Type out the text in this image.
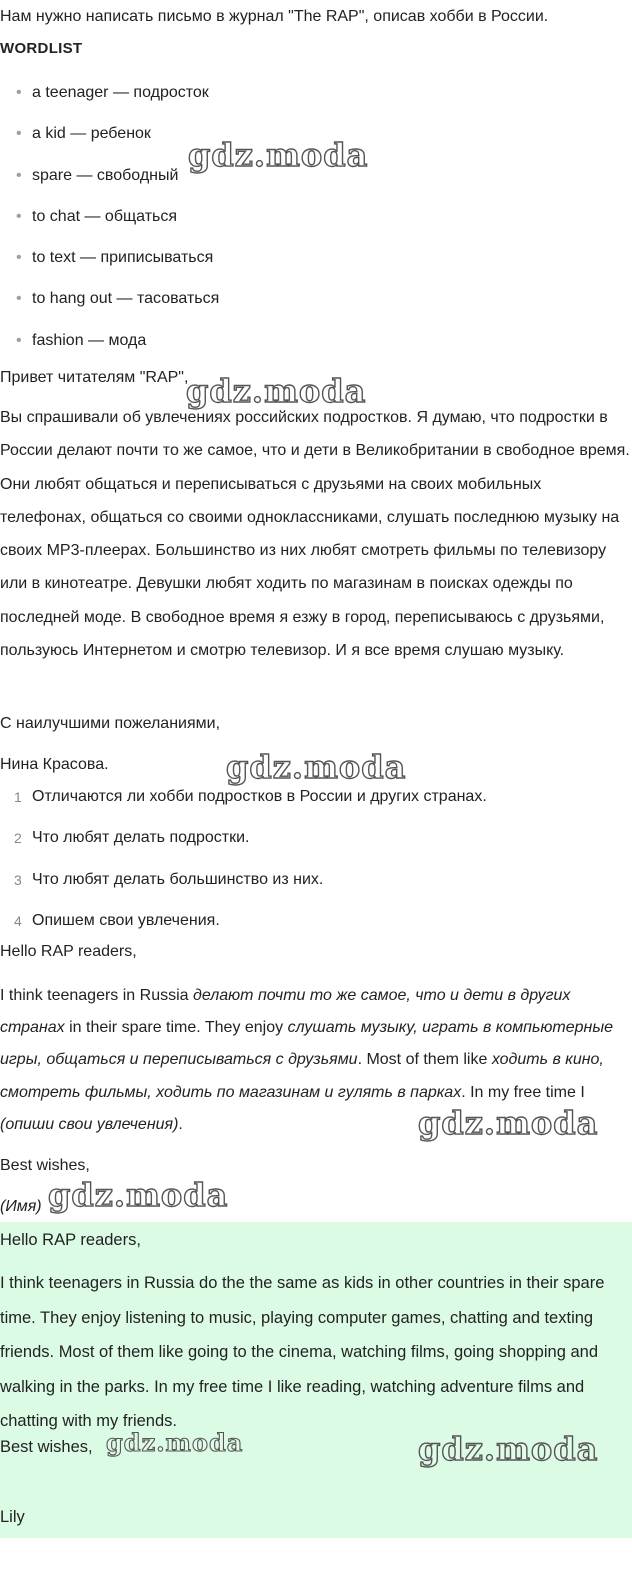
Нам нужно написать письмо в журнал "The RAP", описав хобби в России.

WORDLIST

• a teenager — подросток
• a kid — ребенок
• spare — свободный
• to chat — общаться
• to text — приписываться
• to hang out — тасоваться
• fashion — мода

Привет читателям "RAP",

Вы спрашивали об увлечениях российских подростков. Я думаю, что подростки в России делают почти то же самое, что и дети в Великобритании в свободное время. Они любят общаться и переписываться с друзьями на своих мобильных телефонах, общаться со своими одноклассниками, слушать последнюю музыку на своих MP3-плеерах. Большинство из них любят смотреть фильмы по телевизору или в кинотеатре. Девушки любят ходить по магазинам в поисках одежды по последней моде. В свободное время я езжу в город, переписываюсь с друзьями, пользуюсь Интернетом и смотрю телевизор. И я все время слушаю музыку.

С наилучшими пожеланиями,

Нина Красова.

1 Отличаются ли хобби подростков в России и других странах.
2 Что любят делать подростки.
3 Что любят делать большинство из них.
4 Опишем свои увлечения.

Hello RAP readers,

I think teenagers in Russia делают почти то же самое, что и дети в других странах in their spare time. They enjoy слушать музыку, играть в компьютерные игры, общаться и переписываться с друзьями. Most of them like ходить в кино, смотреть фильмы, ходить по магазинам и гулять в парках. In my free time I (опиши свои увлечения).

Best wishes,

(Имя)

Hello RAP readers,

I think teenagers in Russia do the the same as kids in other countries in their spare time. They enjoy listening to music, playing computer games, chatting and texting friends. Most of them like going to the cinema, watching films, going shopping and walking in the parks. In my free time I like reading, watching adventure films and chatting with my friends.

Best wishes,

Lily

gdz.moda
gdz.moda
gdz.moda
gdz.moda
gdz.moda
gdz.moda	gdz.moda
